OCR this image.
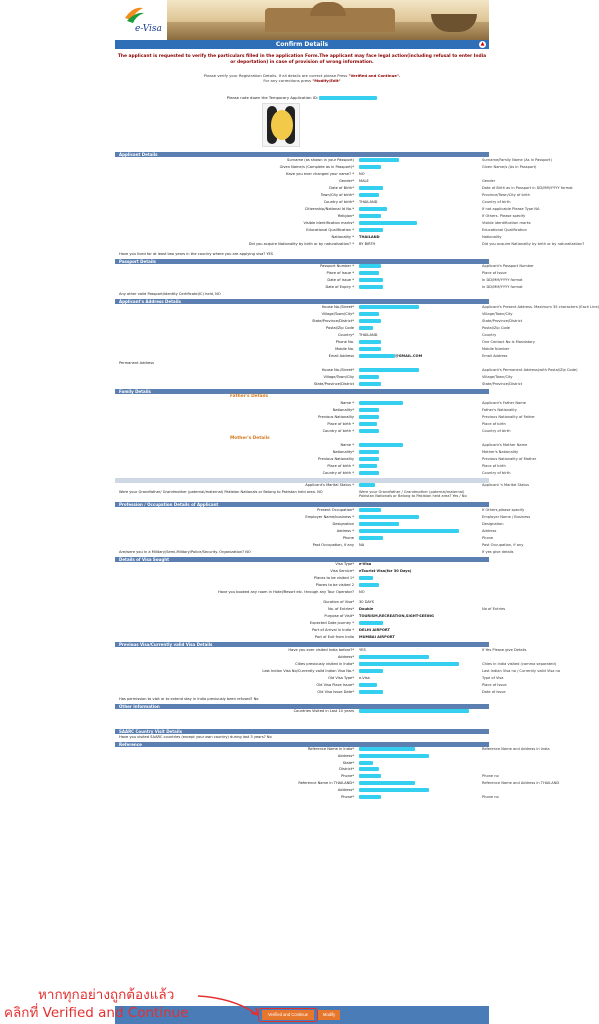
e-Visa
Confirm Details	▲
The applicant is requested to verify the particulars filled in the application Form.The applicant may face legal action(including refusal to enter India or deportation) in case of provision of wrong information.
Please verify your Registration Details. If all details are correct please Press "Verified and Continue".
For any corrections press "Modify/Edit"
Please note down the Temporary Application ID:
Applicant Details
Surname (as shown in your Passport)	Surname/Family Name (As in Passport)
Given Name/s (Complete as in Passport)*	Given Name/s (As in Passport)
Have you ever changed your name? * NO
Gender* MALE	Gender
Date of Birth*	Date of Birth as in Passport in DD/MM/YYYY format
Town/City of birth*	Province/Town/City of birth
Country of birth* THAILAND	Country of birth
Citizenship/National Id No.*	If not applicable Please Type NA
Religion*	If Others. Please specify
Visible identification marks*	Visible identification marks
Educational Qualification *	Educational Qualification
Nationality * THAILAND	Nationality
Did you acquire Nationality by birth or by naturalization? * BY BIRTH	Did you acquire Nationality by birth or by naturalization?
Have you lived for at least two years in the country where you are applying visa? YES
Passport Details
Passport Number *	Applicant's Passport Number
Place of Issue *	Place of Issue
Date of Issue *	In DD/MM/YYYY format
Date of Expiry *	In DD/MM/YYYY format
Any other valid Passport/Identity Certificate(IC) held, NO
Applicant's Address Details
House No./Street*	Applicant's Present Address. Maximum 35 characters (Each Line)
Village/Town/City*	Village/Town/City
State/Province/District*	State/Province/District
Postal/Zip Code	Postal/Zip Code
Country* THAILAND	Country
Phone No.	One Contact No is Mandatory
Mobile No.	Mobile Number
Email Address	@GMAIL.COM	Email Address
Permanent Address
House No./Street*	Applicant's Permanent Address(with Postal/Zip Code)
Village/Town/City	Village/Town/City
State/Province/District	State/Province/District
Family Details
Father's Details
Name *	Applicant's Father Name
Nationality*	Father's Nationality
Previous Nationality	Previous Nationality of Father
Place of birth *	Place of birth
Country of birth *	Country of birth
Mother's Details
Name *	Applicant's Mother Name
Nationality*	Mother's Nationality
Previous Nationality	Previous Nationality of Mother
Place of birth *	Place of birth
Country of birth *	Country of birth
Applicant's Marital Status *	Applicant 's Marital Status
Were your Grandfather/ Grandmother (paternal/maternal) Pakistan Nationals or Belong to Pakistan held area. NO	Were your Grandfather / Grandmother (paternal/maternal) Pakistan Nationals or Belong to Pakistan held area? Yes / No
Profession / Occupation Details of Applicant
Present Occupation*	If Others,please specify
Employer Name/business *	Employer Name / Business
Designation	Designation
Address *	Address
Phone	Phone
Past Occupation, if any NA	Past Occupation, if any
Are/were you in a Military/Semi-Military/Police/Security. Organization? NO	If yes give details
Details of Visa Sought
Visa Type* e-Visa
Visa Service* eTourist Visa(for 30 Days)
Places to be visited 1*
Places to be visited 2
Have you booked any room in Hotel/Resort etc. through any Tour Operator? NO
Duration of Visa* 30 DAYS
No. of Entries* Double	No of Entries
Purpose of Visit* TOURISM,RECREATION,SIGHT-SEEING
Expected Date journey *
Port of Arrival in India * DELHI AIRPORT
Port of Exit from India MUMBAI AIRPORT
Previous Visa/Currently valid Visa Details
Have you ever visited India before?* YES	If Yes Please give Details
Address*
Cities previously visited in India*	Cities in India visited (comma separated)
Last Indian Visa No/Currently valid Indian Visa No.*	Last Indian Visa no / Currently valid Visa no
Old Visa Type* e-Visa	Type of Visa
Old Visa Place Issue*	Place of Issue
Old Visa Issue Date*	Date of Issue
Has permission to visit or to extend stay in India previously been refused? No
Other Information
Countries Visited in Last 10 years
SAARC Country Visit Details
Have you visited SAARC countries (except your own country) during last 3 years? No
Reference
Reference Name in India*	Reference Name and Address in India
Address*
State*
District*
Phone*	Phone no
Reference Name in THAILAND*	Reference Name and Address in THAILAND
Address*
Phone*	Phone no
Verified and Continue	Modify
หากทุกอย่างถูกต้องแล้ว
คลิกที่ Verified and Continue
